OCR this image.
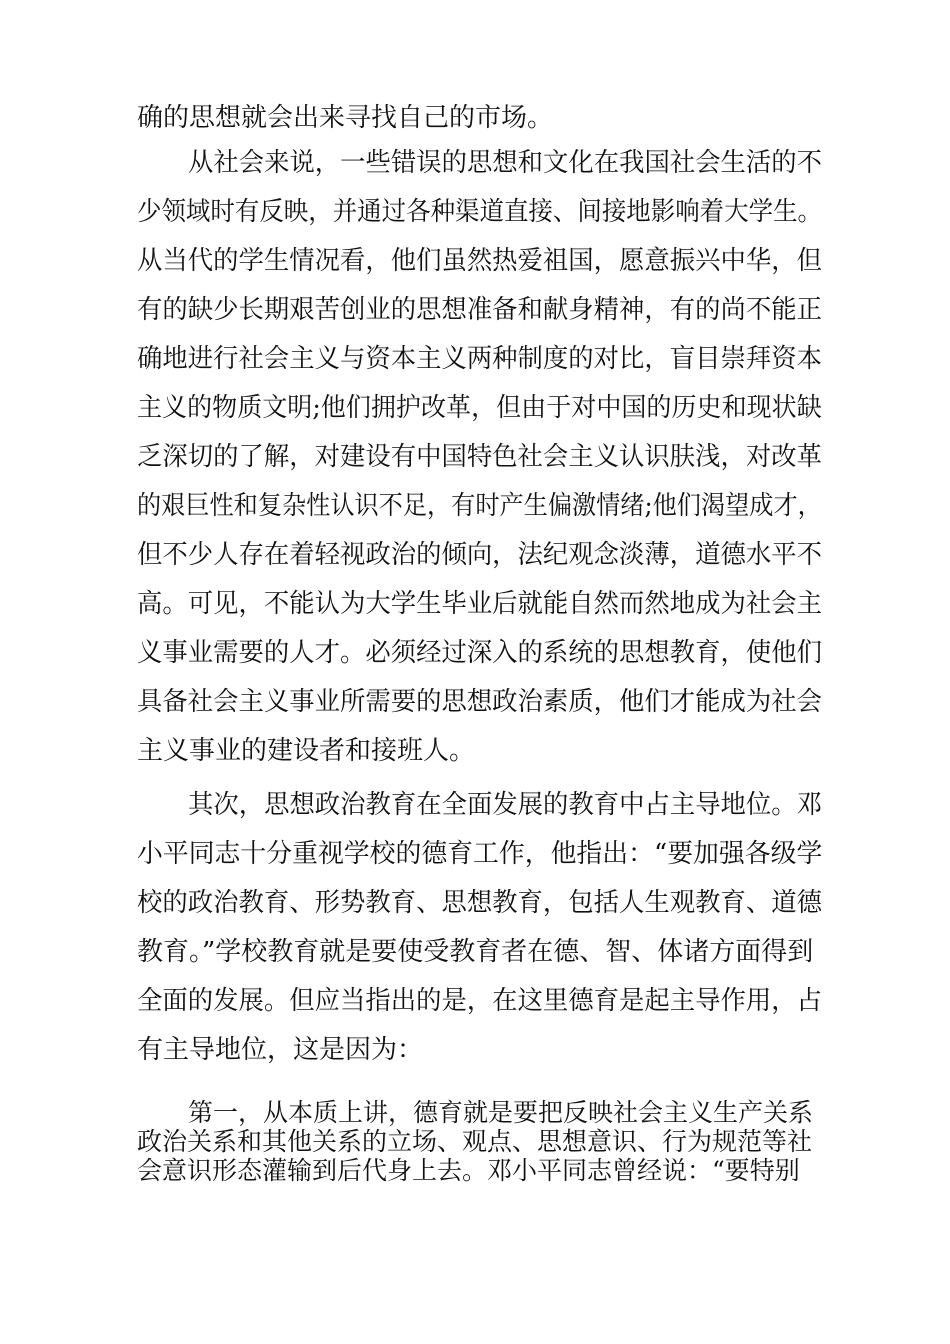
确的思想就会出来寻找自己的市场。
从社会来说，一些错误的思想和文化在我国社会生活的不
少领域时有反映，并通过各种渠道直接、间接地影响着大学生。
从当代的学生情况看，他们虽然热爱祖国，愿意振兴中华，但
有的缺少长期艰苦创业的思想准备和献身精神，有的尚不能正
确地进行社会主义与资本主义两种制度的对比，盲目崇拜资本
主义的物质文明;他们拥护改革，但由于对中国的历史和现状缺
乏深切的了解，对建设有中国特色社会主义认识肤浅，对改革
的艰巨性和复杂性认识不足，有时产生偏激情绪;他们渴望成才，
但不少人存在着轻视政治的倾向，法纪观念淡薄，道德水平不
高。可见，不能认为大学生毕业后就能自然而然地成为社会主
义事业需要的人才。必须经过深入的系统的思想教育，使他们
具备社会主义事业所需要的思想政治素质，他们才能成为社会
主义事业的建设者和接班人。
其次，思想政治教育在全面发展的教育中占主导地位。邓
小平同志十分重视学校的德育工作，他指出：“要加强各级学
校的政治教育、形势教育、思想教育，包括人生观教育、道德
教育。”学校教育就是要使受教育者在德、智、体诸方面得到
全面的发展。但应当指出的是，在这里德育是起主导作用，占
有主导地位，这是因为：
第一，从本质上讲，德育就是要把反映社会主义生产关系
政治关系和其他关系的立场、观点、思想意识、行为规范等社
会意识形态灌输到后代身上去。邓小平同志曾经说：“要特别
